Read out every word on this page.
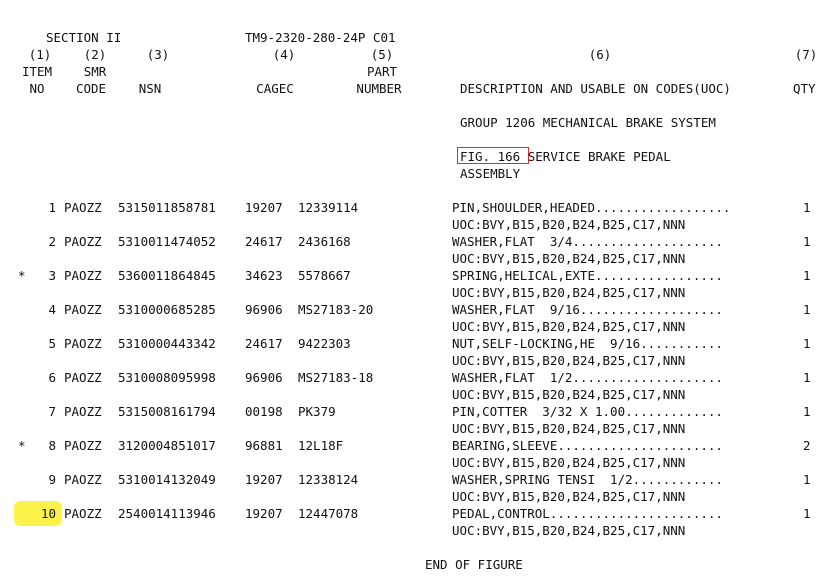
SECTION II	TM9-2320-280-24P C01
(1)	(2)	(3)	(4)	(5)	(6)	(7)
ITEM	SMR	PART
NO	CODE	NSN	CAGEC	NUMBER	DESCRIPTION AND USABLE ON CODES(UOC)	QTY
GROUP 1206 MECHANICAL BRAKE SYSTEM
FIG. 166 SERVICE BRAKE PEDAL
ASSEMBLY
1 PAOZZ 5315011858781 19207 12339114	PIN,SHOULDER,HEADED..................	1
UOC:BVY,B15,B20,B24,B25,C17,NNN
2 PAOZZ 5310011474052 24617 2436168	WASHER,FLAT  3/4....................	1
UOC:BVY,B15,B20,B24,B25,C17,NNN
*	3 PAOZZ 5360011864845 34623 5578667	SPRING,HELICAL,EXTE.................	1
UOC:BVY,B15,B20,B24,B25,C17,NNN
4 PAOZZ 5310000685285 96906 MS27183-20	WASHER,FLAT  9/16...................	1
UOC:BVY,B15,B20,B24,B25,C17,NNN
5 PAOZZ 5310000443342 24617 9422303	NUT,SELF-LOCKING,HE  9/16...........	1
UOC:BVY,B15,B20,B24,B25,C17,NNN
6 PAOZZ 5310008095998 96906 MS27183-18	WASHER,FLAT  1/2....................	1
UOC:BVY,B15,B20,B24,B25,C17,NNN
7 PAOZZ 5315008161794 00198 PK379	PIN,COTTER  3/32 X 1.00.............	1
UOC:BVY,B15,B20,B24,B25,C17,NNN
*	8 PAOZZ 3120004851017 96881 12L18F	BEARING,SLEEVE......................	2
UOC:BVY,B15,B20,B24,B25,C17,NNN
9 PAOZZ 5310014132049 19207 12338124	WASHER,SPRING TENSI  1/2............	1
UOC:BVY,B15,B20,B24,B25,C17,NNN
10 PAOZZ 2540014113946 19207 12447078	PEDAL,CONTROL.......................	1
UOC:BVY,B15,B20,B24,B25,C17,NNN
END OF FIGURE
